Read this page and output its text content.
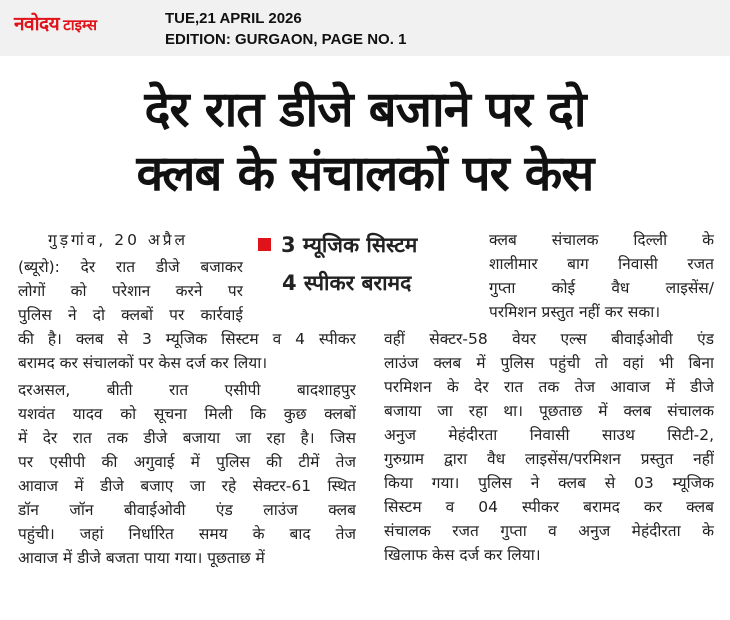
नवोदय टाइम्स	TUE,21 APRIL 2026
EDITION: GURGAON, PAGE NO. 1
देर रात डीजे बजाने पर दो
क्लब के संचालकों पर केस
3 म्यूजिक सिस्टम
4 स्पीकर बरामद
गुड़गांव, 20 अप्रैल
(ब्यूरो): देर रात डीजे बजाकर
लोगों को परेशान करने पर
पुलिस ने दो क्लबों पर कार्रवाई
की है। क्लब से 3 म्यूजिक सिस्टम व 4 स्पीकर
बरामद कर संचालकों पर केस दर्ज कर लिया।
दरअसल, बीती रात एसीपी बादशाहपुर
यशवंत यादव को सूचना मिली कि कुछ क्लबों
में देर रात तक डीजे बजाया जा रहा है। जिस
पर एसीपी की अगुवाई में पुलिस की टीमें तेज
आवाज में डीजे बजाए जा रहे सेक्टर-61 स्थित
डॉन जॉन बीवाईओवी एंड लाउंज क्लब
पहुंची। जहां निर्धारित समय के बाद तेज
आवाज में डीजे बजता पाया गया। पूछताछ में
क्लब संचालक दिल्ली के
शालीमार बाग निवासी रजत
गुप्ता कोई वैध लाइसेंस/
परमिशन प्रस्तुत नहीं कर सका।
वहीं सेक्टर-58 वेयर एल्स बीवाईओवी एंड
लाउंज क्लब में पुलिस पहुंची तो वहां भी बिना
परमिशन के देर रात तक तेज आवाज में डीजे
बजाया जा रहा था। पूछताछ में क्लब संचालक
अनुज मेहंदीरता निवासी साउथ सिटी-2,
गुरुग्राम द्वारा वैध लाइसेंस/परमिशन प्रस्तुत नहीं
किया गया। पुलिस ने क्लब से 03 म्यूजिक
सिस्टम व 04 स्पीकर बरामद कर क्लब
संचालक रजत गुप्ता व अनुज मेहंदीरता के
खिलाफ केस दर्ज कर लिया।
